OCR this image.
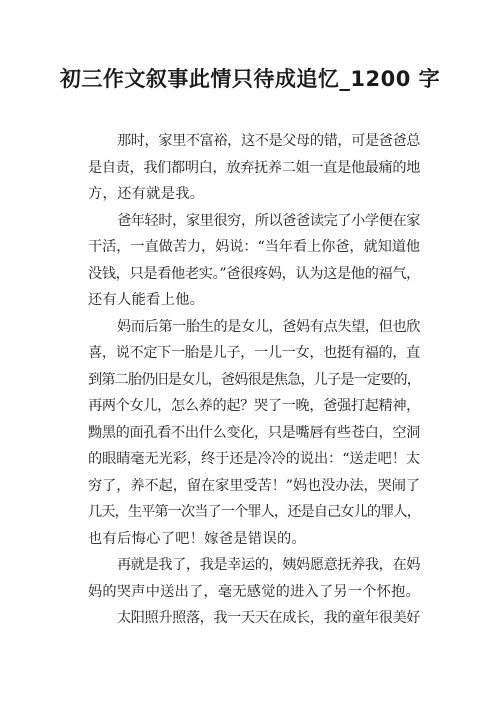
初三作文叙事此情只待成追忆_1200 字
那时，家里不富裕，这不是父母的错，可是爸爸总
是自责，我们都明白，放弃抚养二姐一直是他最痛的地
方，还有就是我。
爸年轻时，家里很穷，所以爸爸读完了小学便在家
干活，一直做苦力，妈说：“当年看上你爸，就知道他
没钱，只是看他老实。”爸很疼妈，认为这是他的福气，
还有人能看上他。
妈而后第一胎生的是女儿，爸妈有点失望，但也欣
喜，说不定下一胎是儿子，一儿一女，也挺有福的，直
到第二胎仍旧是女儿，爸妈很是焦急，儿子是一定要的，
再两个女儿，怎么养的起？哭了一晚，爸强打起精神，
黝黑的面孔看不出什么变化，只是嘴唇有些苍白，空洞
的眼睛毫无光彩，终于还是冷冷的说出：“送走吧！太
穷了，养不起，留在家里受苦！”妈也没办法，哭闹了
几天，生平第一次当了一个罪人，还是自己女儿的罪人，
也有后悔心了吧！嫁爸是错误的。
再就是我了，我是幸运的，姨妈愿意抚养我，在妈
妈的哭声中送出了，毫无感觉的进入了另一个怀抱。
太阳照升照落，我一天天在成长，我的童年很美好
